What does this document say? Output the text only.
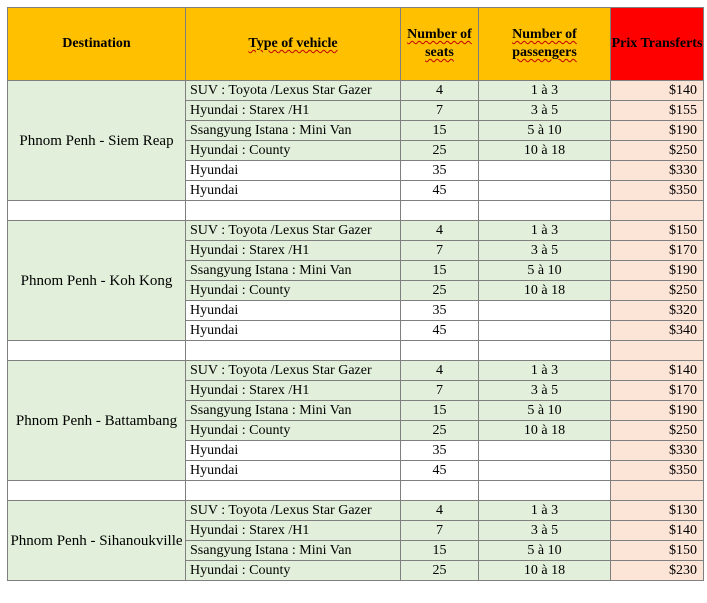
Destination	Type of vehicle	Number of seats	Number of passengers	Prix Transferts
Phnom Penh - Siem Reap	SUV : Toyota /Lexus Star Gazer	4	1 à 3	$140
	Hyundai : Starex /H1	7	3 à 5	$155
	Ssangyung Istana : Mini Van	15	5 à 10	$190
	Hyundai : County	25	10 à 18	$250
	Hyundai	35		$330
	Hyundai	45		$350

Phnom Penh - Koh Kong	SUV : Toyota /Lexus Star Gazer	4	1 à 3	$150
	Hyundai : Starex /H1	7	3 à 5	$170
	Ssangyung Istana : Mini Van	15	5 à 10	$190
	Hyundai : County	25	10 à 18	$250
	Hyundai	35		$320
	Hyundai	45		$340

Phnom Penh - Battambang	SUV : Toyota /Lexus Star Gazer	4	1 à 3	$140
	Hyundai : Starex /H1	7	3 à 5	$170
	Ssangyung Istana : Mini Van	15	5 à 10	$190
	Hyundai : County	25	10 à 18	$250
	Hyundai	35		$330
	Hyundai	45		$350

Phnom Penh - Sihanoukville	SUV : Toyota /Lexus Star Gazer	4	1 à 3	$130
	Hyundai : Starex /H1	7	3 à 5	$140
	Ssangyung Istana : Mini Van	15	5 à 10	$150
	Hyundai : County	25	10 à 18	$230
